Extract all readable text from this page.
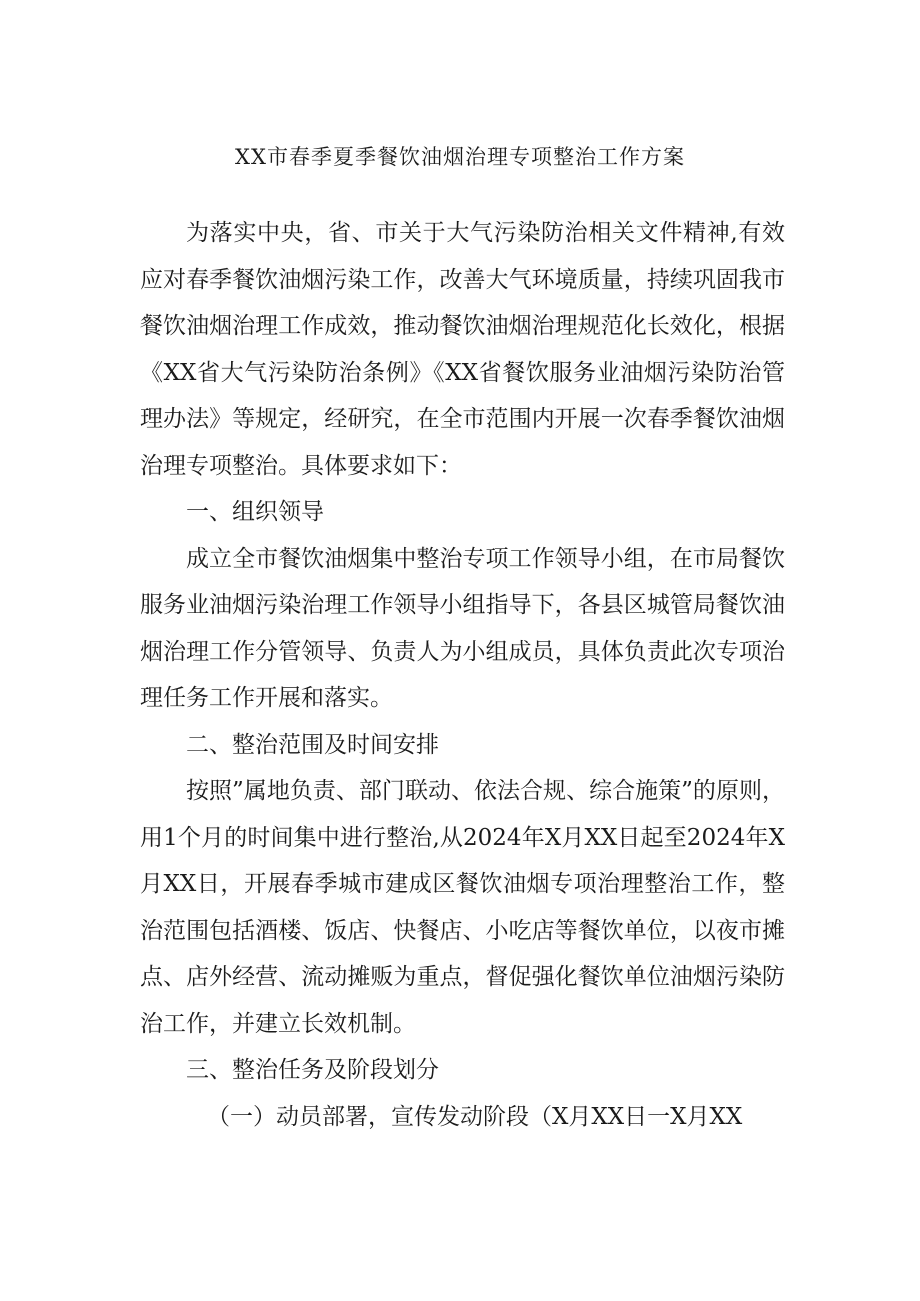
XX市春季夏季餐饮油烟治理专项整治工作方案

为落实中央，省、市关于大气污染防治相关文件精神,有效应对春季餐饮油烟污染工作，改善大气环境质量，持续巩固我市餐饮油烟治理工作成效，推动餐饮油烟治理规范化长效化，根据《XX省大气污染防治条例》《XX省餐饮服务业油烟污染防治管理办法》等规定，经研究，在全市范围内开展一次春季餐饮油烟治理专项整治。具体要求如下：

一、组织领导

成立全市餐饮油烟集中整治专项工作领导小组，在市局餐饮服务业油烟污染治理工作领导小组指导下，各县区城管局餐饮油烟治理工作分管领导、负责人为小组成员，具体负责此次专项治理任务工作开展和落实。

二、整治范围及时间安排

按照”属地负责、部门联动、依法合规、综合施策”的原则，用1个月的时间集中进行整治,从2024年X月XX日起至2024年X月XX日，开展春季城市建成区餐饮油烟专项治理整治工作，整治范围包括酒楼、饭店、快餐店、小吃店等餐饮单位，以夜市摊点、店外经营、流动摊贩为重点，督促强化餐饮单位油烟污染防治工作，并建立长效机制。

三、整治任务及阶段划分

（一）动员部署，宣传发动阶段（X月XX日一X月XX
